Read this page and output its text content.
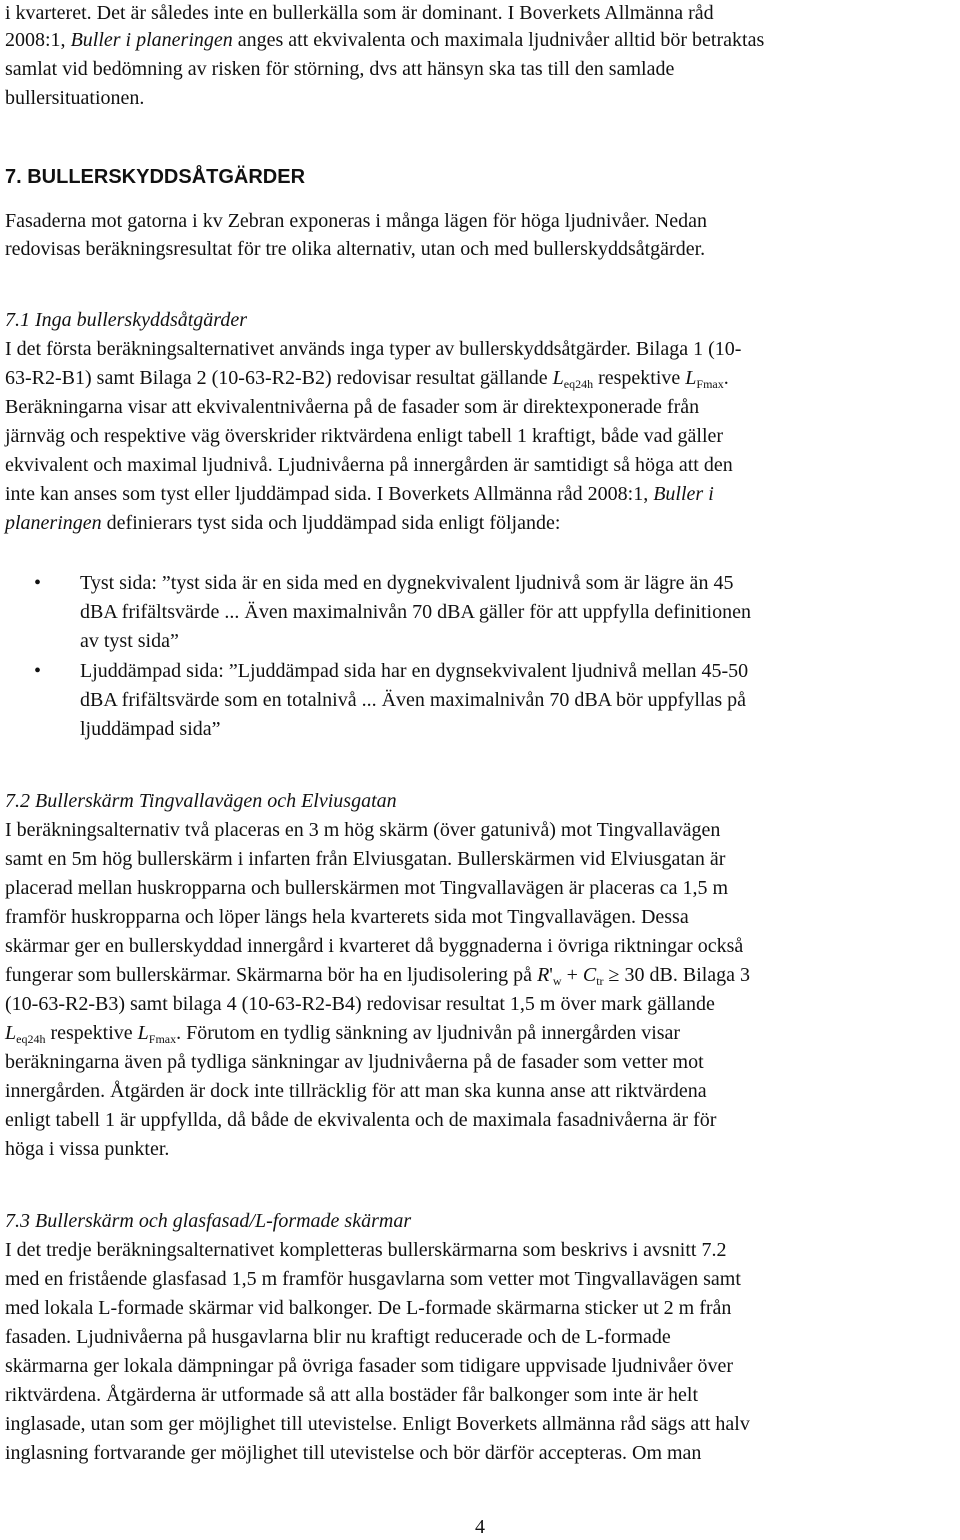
i kvarteret. Det är således inte en bullerkälla som är dominant. I Boverkets Allmänna råd
2008:1, Buller i planeringen anges att ekvivalenta och maximala ljudnivåer alltid bör betraktas
samlat vid bedömning av risken för störning, dvs att hänsyn ska tas till den samlade
bullersituationen.
7. BULLERSKYDDSÅTGÄRDER
Fasaderna mot gatorna i kv Zebran exponeras i många lägen för höga ljudnivåer. Nedan
redovisas beräkningsresultat för tre olika alternativ, utan och med bullerskyddsåtgärder.
7.1 Inga bullerskyddsåtgärder
I det första beräkningsalternativet används inga typer av bullerskyddsåtgärder. Bilaga 1 (10-
63-R2-B1) samt Bilaga 2 (10-63-R2-B2) redovisar resultat gällande $L_{eq24h}$ respektive $L_{Fmax}$.
Beräkningarna visar att ekvivalentnivåerna på de fasader som är direktexponerade från
järnväg och respektive väg överskrider riktvärdena enligt tabell 1 kraftigt, både vad gäller
ekvivalent och maximal ljudnivå. Ljudnivåerna på innergården är samtidigt så höga att den
inte kan anses som tyst eller ljuddämpad sida. I Boverkets Allmänna råd 2008:1, Buller i
planeringen definierars tyst sida och ljuddämpad sida enligt följande:
• Tyst sida: ”tyst sida är en sida med en dygnekvivalent ljudnivå som är lägre än 45
dBA frifältsvärde ... Även maximalnivån 70 dBA gäller för att uppfylla definitionen
av tyst sida”
• Ljuddämpad sida: ”Ljuddämpad sida har en dygnsekvivalent ljudnivå mellan 45-50
dBA frifältsvärde som en totalnivå ... Även maximalnivån 70 dBA bör uppfyllas på
ljuddämpad sida”
7.2 Bullerskärm Tingvallavägen och Elviusgatan
I beräkningsalternativ två placeras en 3 m hög skärm (över gatunivå) mot Tingvallavägen
samt en 5m hög bullerskärm i infarten från Elviusgatan. Bullerskärmen vid Elviusgatan är
placerad mellan huskropparna och bullerskärmen mot Tingvallavägen är placeras ca 1,5 m
framför huskropparna och löper längs hela kvarterets sida mot Tingvallavägen. Dessa
skärmar ger en bullerskyddad innergård i kvarteret då byggnaderna i övriga riktningar också
fungerar som bullerskärmar. Skärmarna bör ha en ljudisolering på $R'_w + C_{tr} \ge 30$ dB. Bilaga 3
(10-63-R2-B3) samt bilaga 4 (10-63-R2-B4) redovisar resultat 1,5 m över mark gällande
$L_{eq24h}$ respektive $L_{Fmax}$. Förutom en tydlig sänkning av ljudnivån på innergården visar
beräkningarna även på tydliga sänkningar av ljudnivåerna på de fasader som vetter mot
innergården. Åtgärden är dock inte tillräcklig för att man ska kunna anse att riktvärdena
enligt tabell 1 är uppfyllda, då både de ekvivalenta och de maximala fasadnivåerna är för
höga i vissa punkter.
7.3 Bullerskärm och glasfasad/L-formade skärmar
I det tredje beräkningsalternativet kompletteras bullerskärmarna som beskrivs i avsnitt 7.2
med en fristående glasfasad 1,5 m framför husgavlarna som vetter mot Tingvallavägen samt
med lokala L-formade skärmar vid balkonger. De L-formade skärmarna sticker ut 2 m från
fasaden. Ljudnivåerna på husgavlarna blir nu kraftigt reducerade och de L-formade
skärmarna ger lokala dämpningar på övriga fasader som tidigare uppvisade ljudnivåer över
riktvärdena. Åtgärderna är utformade så att alla bostäder får balkonger som inte är helt
inglasade, utan som ger möjlighet till utevistelse. Enligt Boverkets allmänna råd sägs att halv
inglasning fortvarande ger möjlighet till utevistelse och bör därför accepteras. Om man
4
